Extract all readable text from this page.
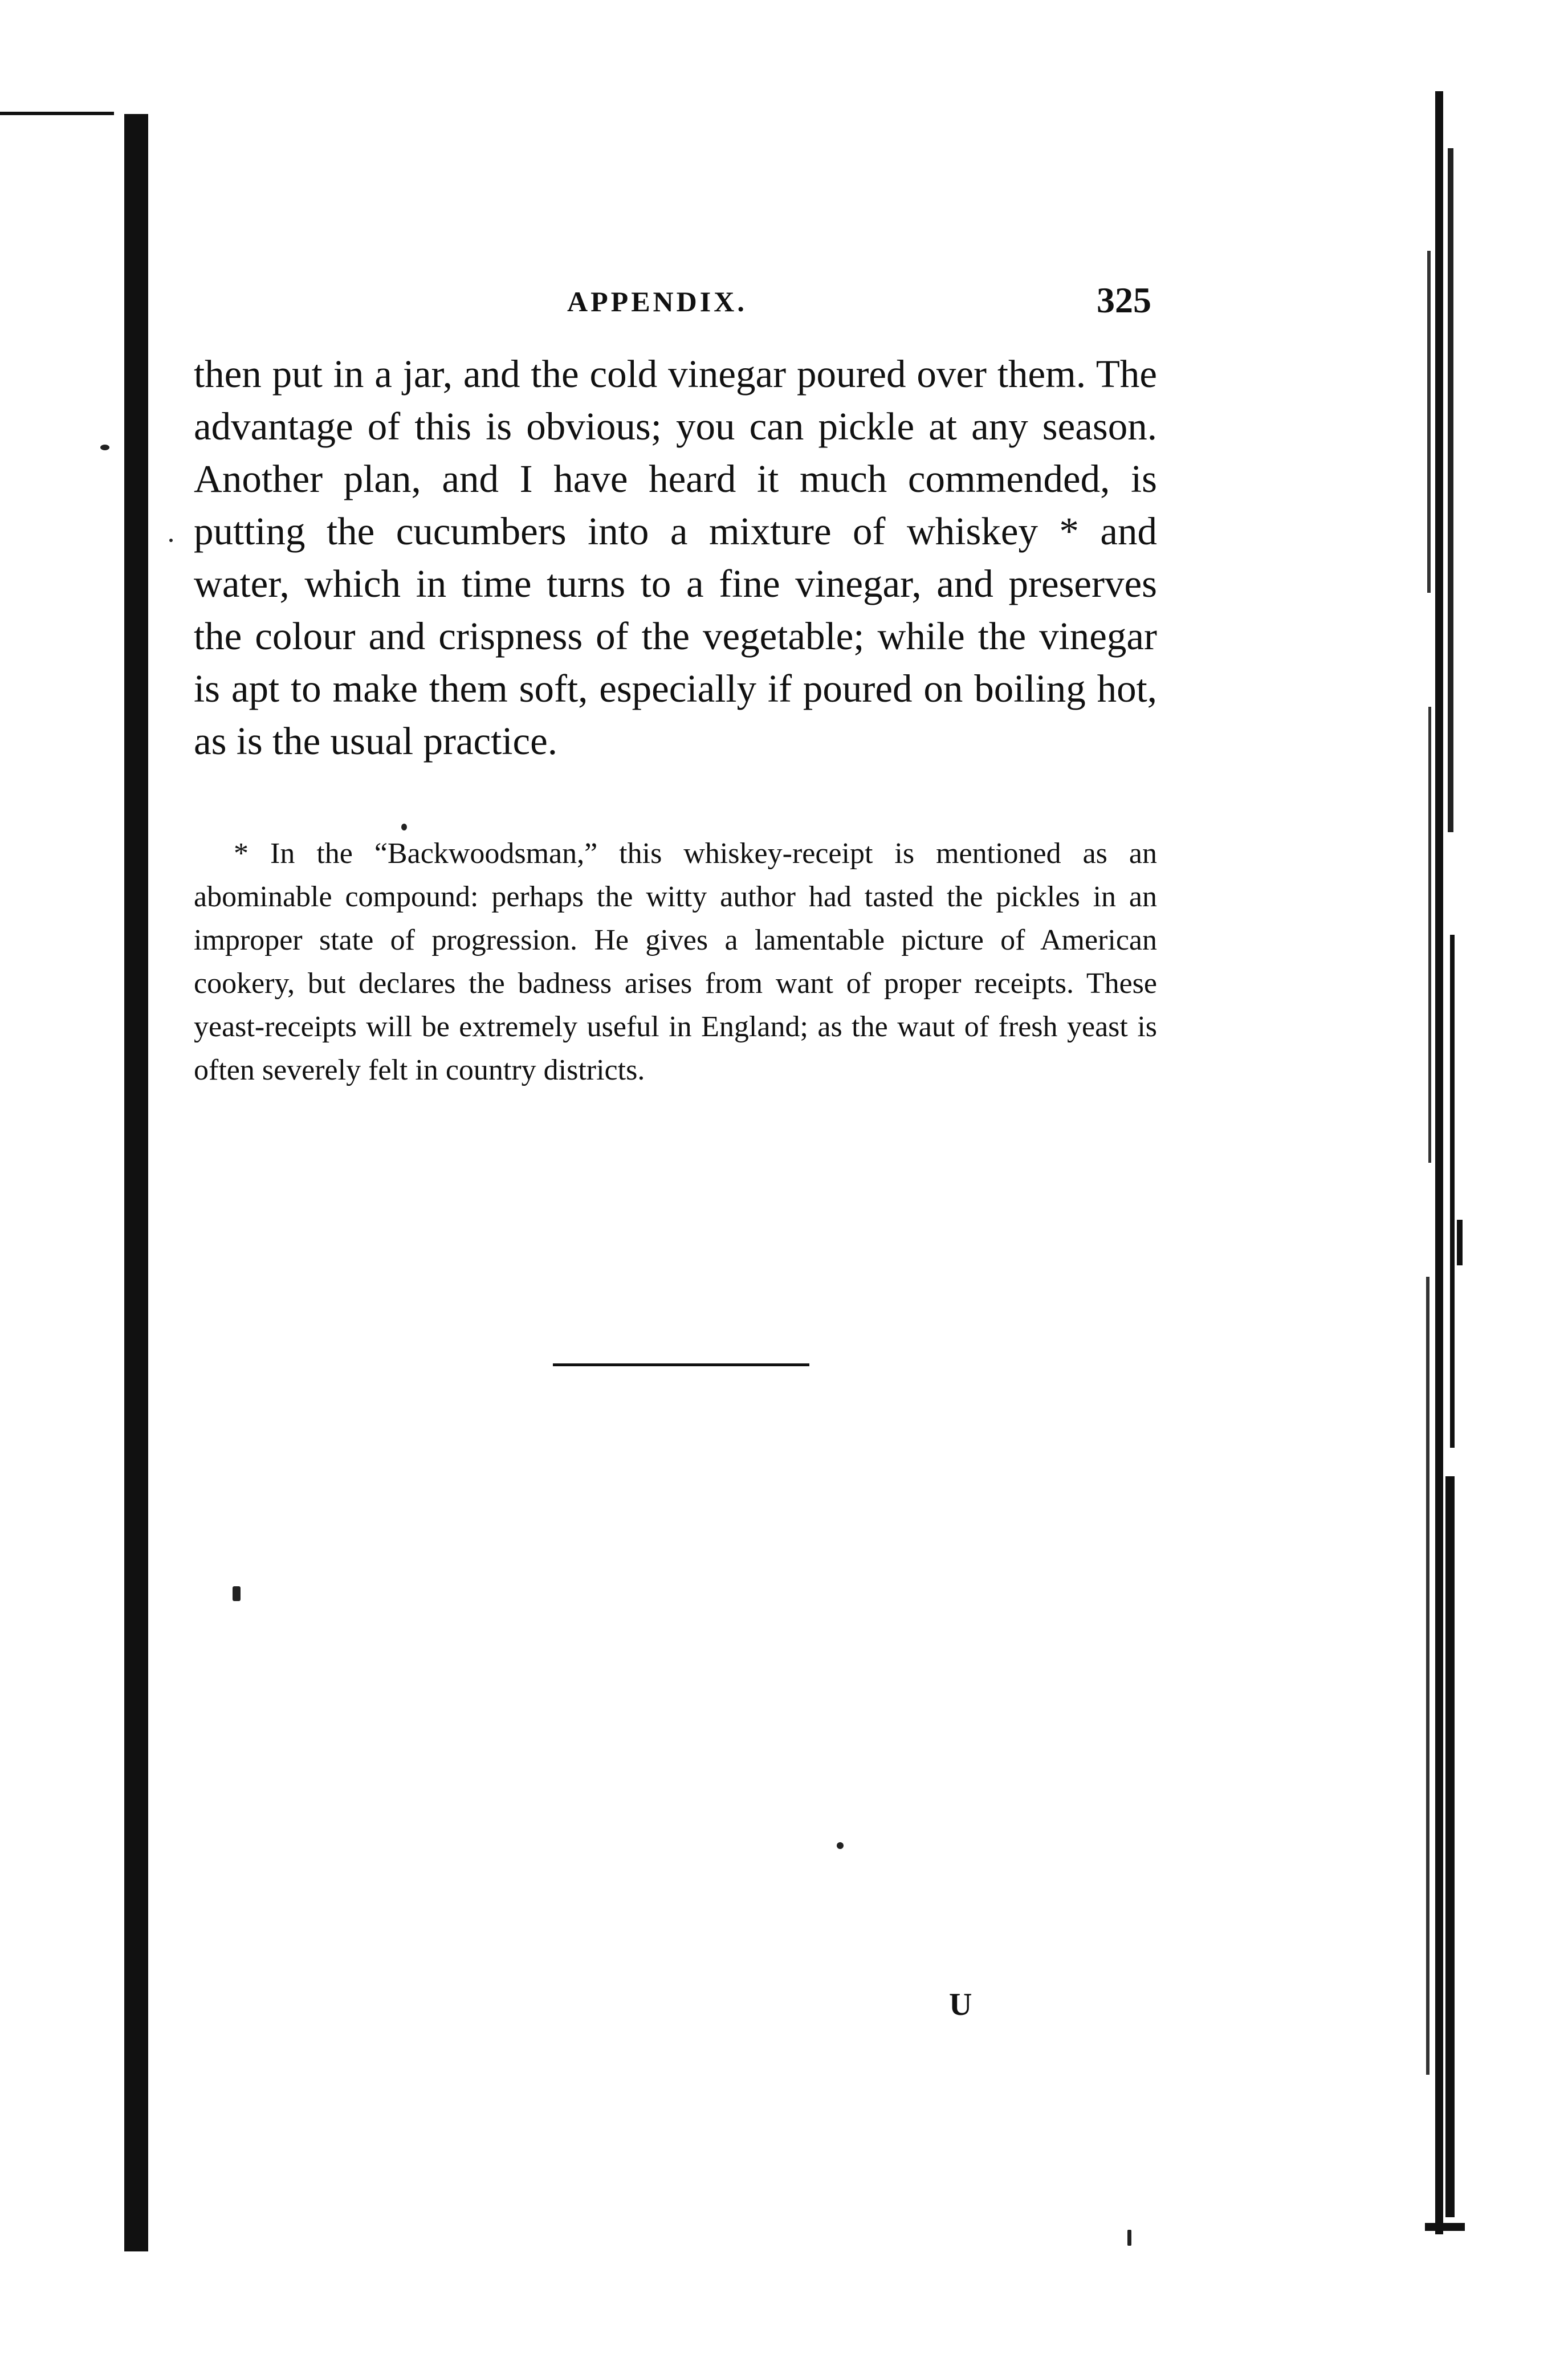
APPENDIX.	325

then put in a jar, and the cold vinegar poured over them. The advantage of this is obvious; you can pickle at any season. Another plan, and I have heard it much commended, is putting the cucumbers into a mixture of whiskey * and water, which in time turns to a fine vinegar, and preserves the colour and crispness of the vegetable; while the vinegar is apt to make them soft, especially if poured on boiling hot, as is the usual practice.

* In the “Backwoodsman,” this whiskey-receipt is mentioned as an abominable compound: perhaps the witty author had tasted the pickles in an improper state of progression. He gives a lamentable picture of American cookery, but declares the badness arises from want of proper receipts. These yeast-receipts will be extremely useful in England; as the waut of fresh yeast is often severely felt in country districts.

U
